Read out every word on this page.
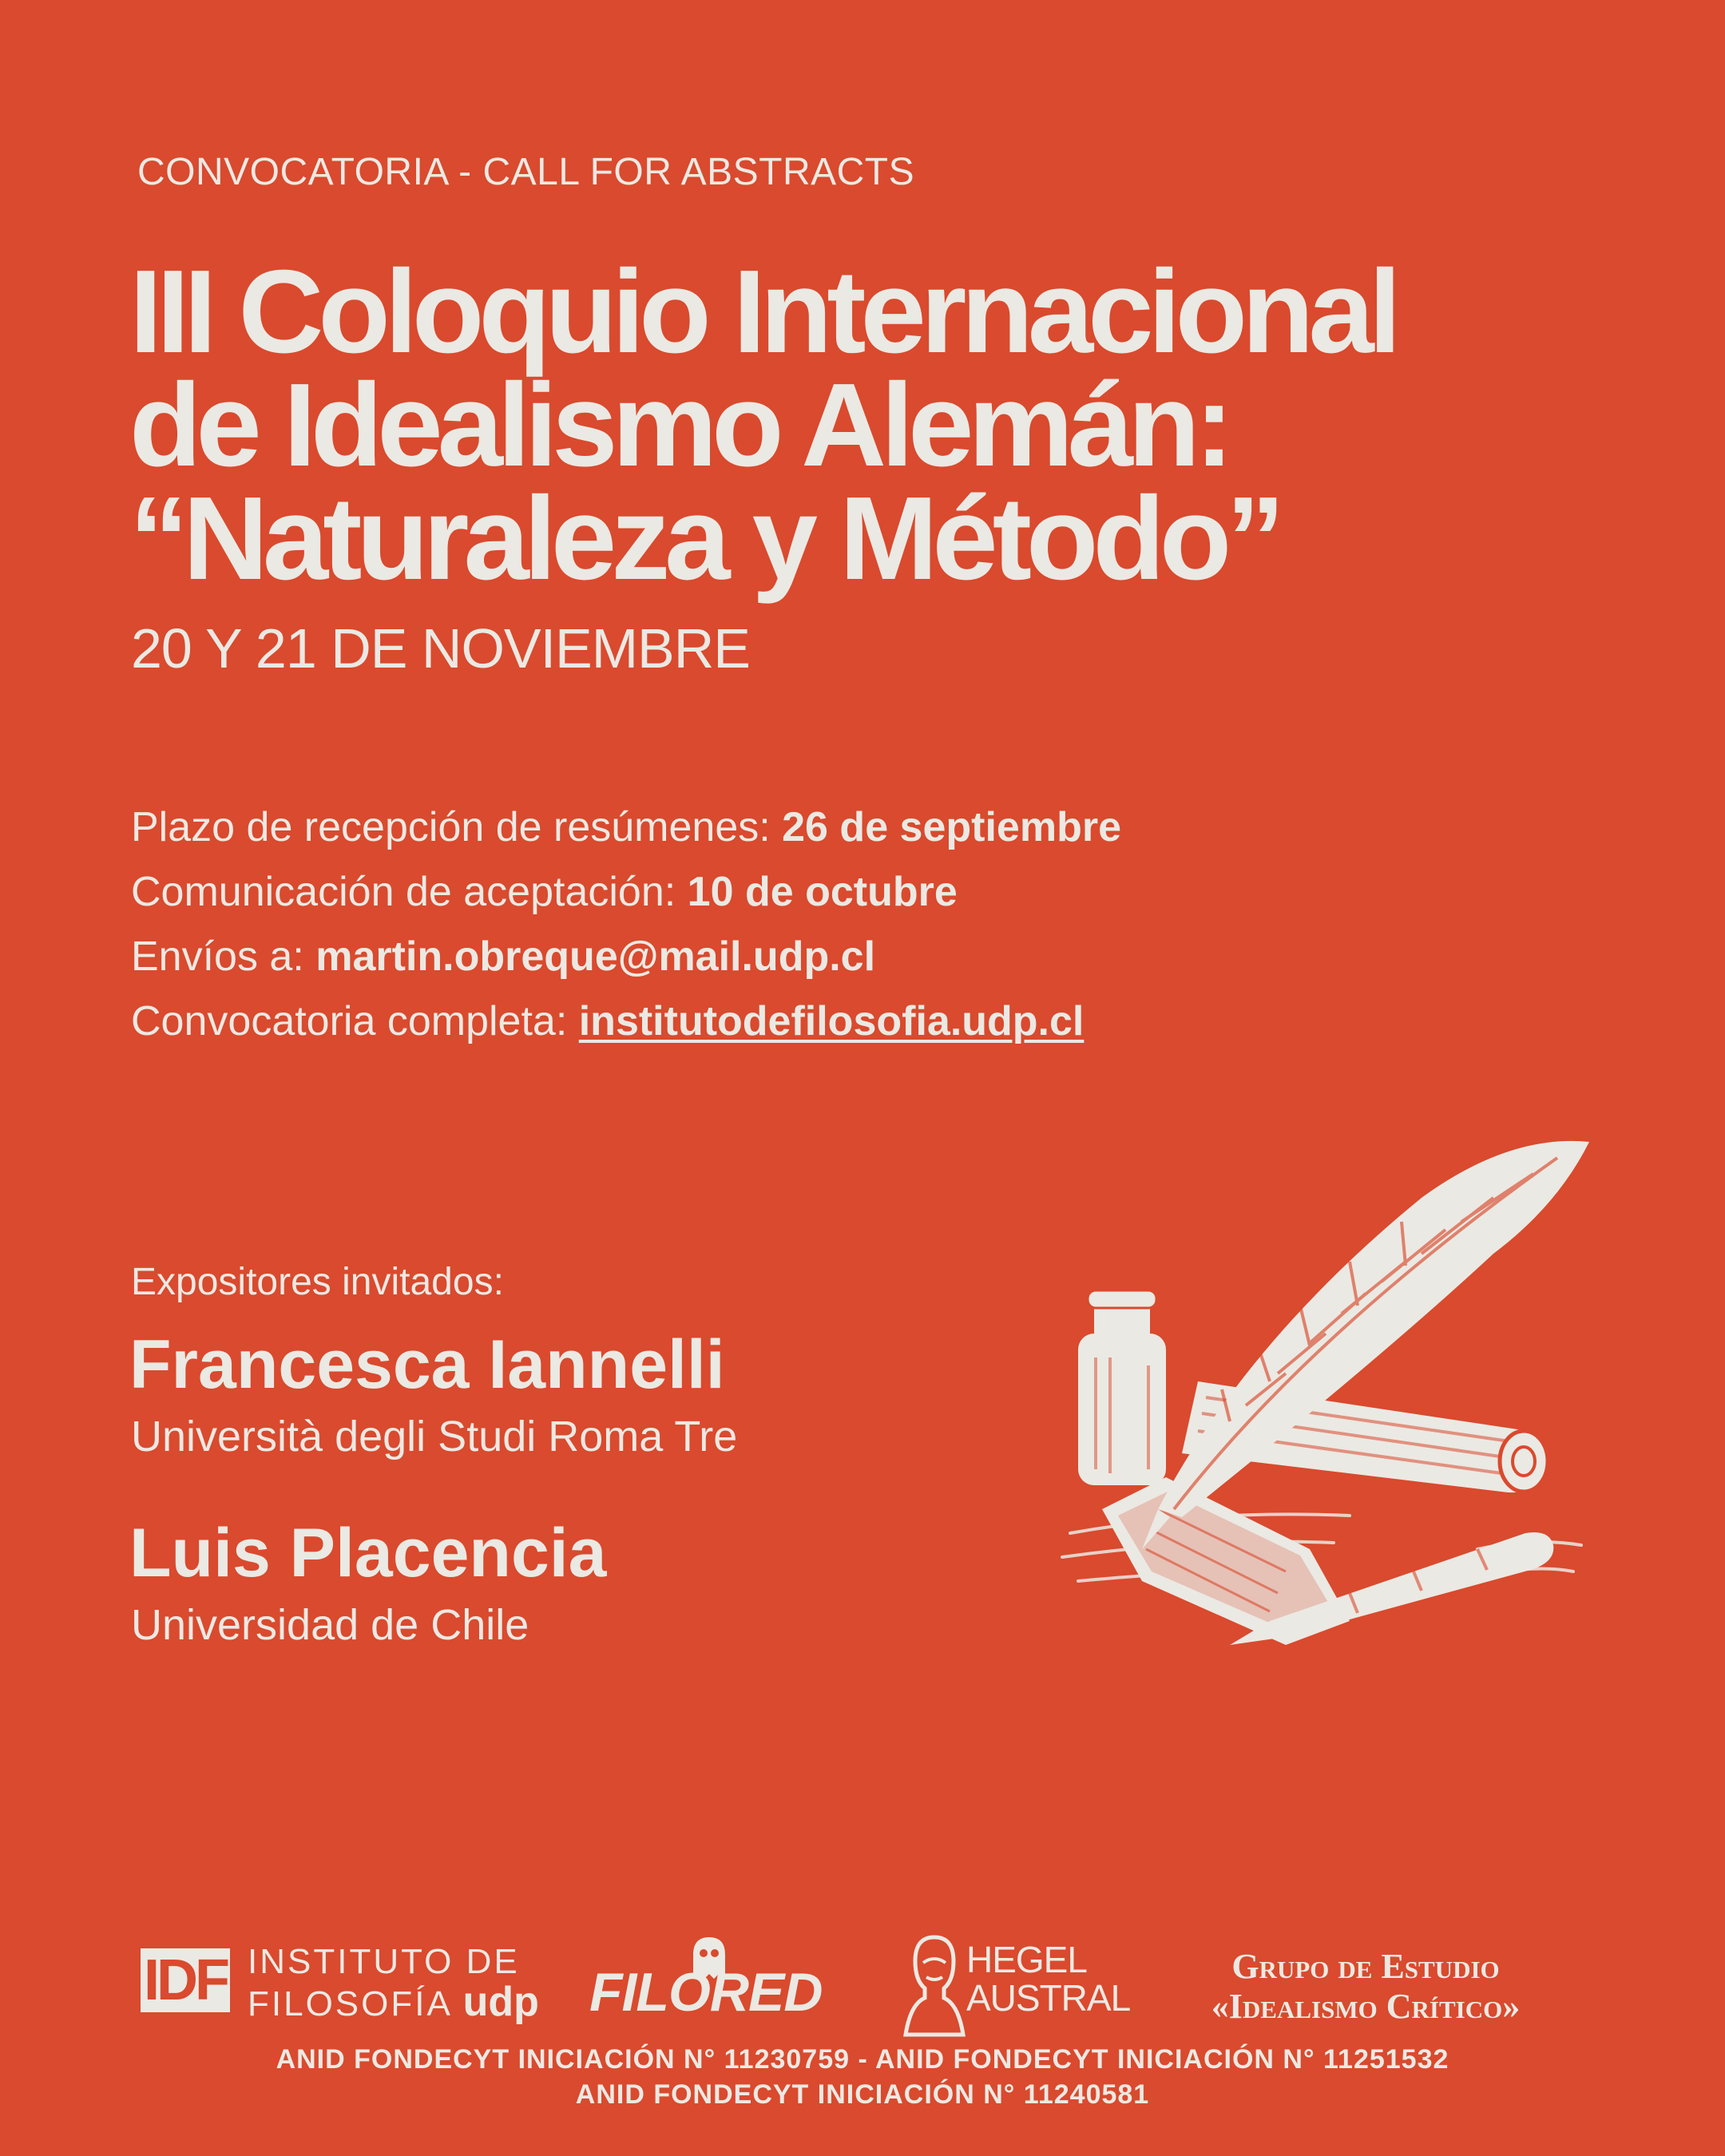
CONVOCATORIA - CALL FOR ABSTRACTS
III Coloquio Internacional
de Idealismo Alemán:
“Naturaleza y Método”
20 Y 21 DE NOVIEMBRE
Plazo de recepción de resúmenes: 26 de septiembre
Comunicación de aceptación: 10 de octubre
Envíos a: martin.obreque@mail.udp.cl
Convocatoria completa: institutodefilosofia.udp.cl
Expositores invitados:
Francesca Iannelli
Università degli Studi Roma Tre
Luis Placencia
Universidad de Chile
IDF INSTITUTO DE
FILOSOFÍA udp FILORED
HEGEL
AUSTRAL
Grupo de Estudio
«Idealismo Crítico»
ANID FONDECYT INICIACIÓN N° 11230759 - ANID FONDECYT INICIACIÓN N° 11251532
ANID FONDECYT INICIACIÓN N° 11240581
